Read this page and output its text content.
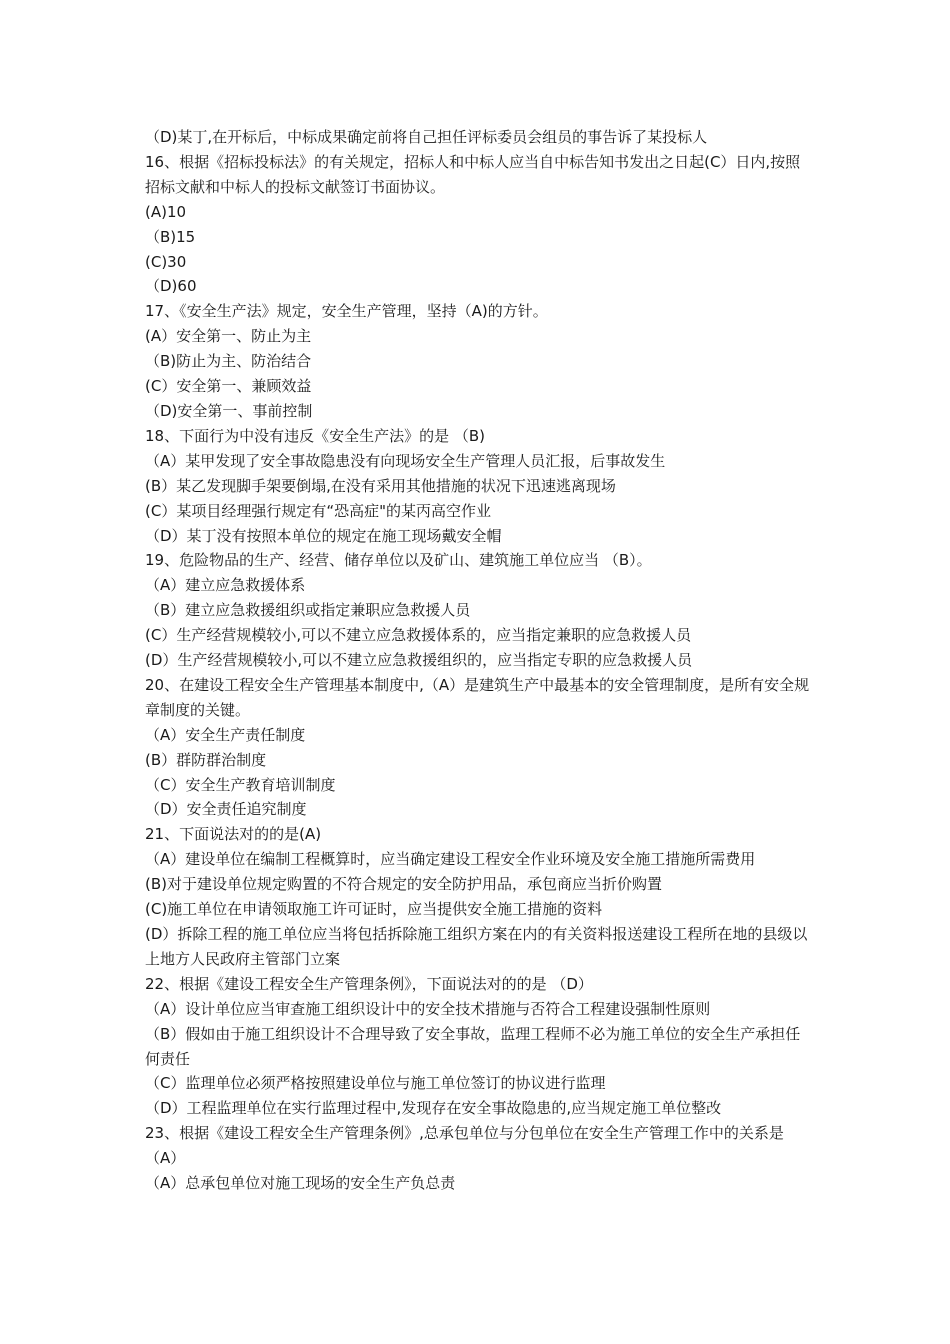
（D)某丁,在开标后，中标成果确定前将自己担任评标委员会组员的事告诉了某投标人
16、根据《招标投标法》的有关规定，招标人和中标人应当自中标告知书发出之日起(C）日内,按照招标文献和中标人的投标文献签订书面协议。
(A)10
（B)15
(C)30
（D)60
17、《安全生产法》规定，安全生产管理，坚持（A)的方针。
(A）安全第一、防止为主
（B)防止为主、防治结合
(C）安全第一、兼顾效益
（D)安全第一、事前控制
18、下面行为中没有违反《安全生产法》的是 （B)
（A）某甲发现了安全事故隐患没有向现场安全生产管理人员汇报，后事故发生
(B）某乙发现脚手架要倒塌,在没有采用其他措施的状况下迅速逃离现场
(C）某项目经理强行规定有“恐高症"的某丙高空作业
（D）某丁没有按照本单位的规定在施工现场戴安全帽
19、危险物品的生产、经营、储存单位以及矿山、建筑施工单位应当 （B）。
（A）建立应急救援体系
（B）建立应急救援组织或指定兼职应急救援人员
(C）生产经营规模较小,可以不建立应急救援体系的，应当指定兼职的应急救援人员
(D）生产经营规模较小,可以不建立应急救援组织的，应当指定专职的应急救援人员
20、在建设工程安全生产管理基本制度中,（A）是建筑生产中最基本的安全管理制度，是所有安全规章制度的关键。
（A）安全生产责任制度
(B）群防群治制度
（C）安全生产教育培训制度
（D）安全责任追究制度
21、下面说法对的的是(A)
（A）建设单位在编制工程概算时，应当确定建设工程安全作业环境及安全施工措施所需费用
(B)对于建设单位规定购置的不符合规定的安全防护用品，承包商应当折价购置
(C)施工单位在申请领取施工许可证时，应当提供安全施工措施的资料
(D）拆除工程的施工单位应当将包括拆除施工组织方案在内的有关资料报送建设工程所在地的县级以上地方人民政府主管部门立案
22、根据《建设工程安全生产管理条例》，下面说法对的的是 （D）
（A）设计单位应当审查施工组织设计中的安全技术措施与否符合工程建设强制性原则
（B）假如由于施工组织设计不合理导致了安全事故，监理工程师不必为施工单位的安全生产承担任何责任
（C）监理单位必须严格按照建设单位与施工单位签订的协议进行监理
（D）工程监理单位在实行监理过程中,发现存在安全事故隐患的,应当规定施工单位整改
23、根据《建设工程安全生产管理条例》,总承包单位与分包单位在安全生产管理工作中的关系是（A）
（A）总承包单位对施工现场的安全生产负总责
